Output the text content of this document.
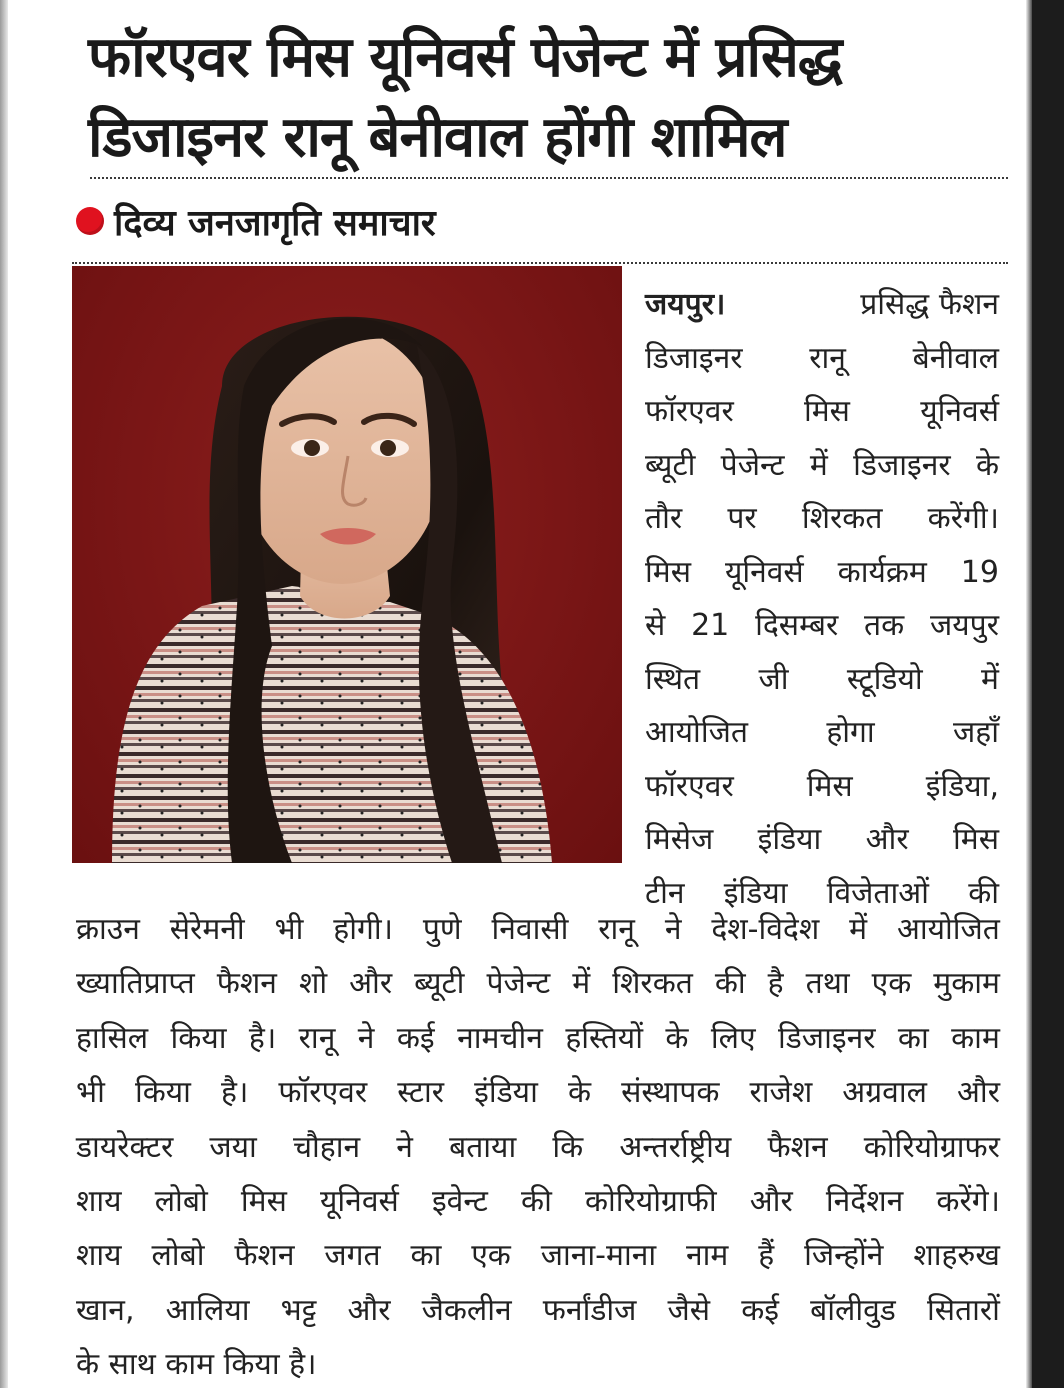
फॉरएवर मिस यूनिवर्स पेजेन्ट में प्रसिद्ध
डिजाइनर रानू बेनीवाल होंगी शामिल
दिव्य जनजागृति समाचार
जयपुर।	प्रसिद्ध फैशन
डिजाइनर रानू बेनीवाल
फॉरएवर मिस यूनिवर्स
ब्यूटी पेजेन्ट में डिजाइनर के
तौर पर शिरकत करेंगी।
मिस यूनिवर्स कार्यक्रम 19
से 21 दिसम्बर तक जयपुर
स्थित जी स्टूडियो में
आयोजित	होगा	जहाँ
फॉरएवर मिस इंडिया,
मिसेज इंडिया और मिस
टीन इंडिया विजेताओं की
क्राउन सेरेमनी भी होगी। पुणे निवासी रानू ने देश-विदेश में आयोजित
ख्यातिप्राप्त फैशन शो और ब्यूटी पेजेन्ट में शिरकत की है तथा एक मुकाम
हासिल किया है। रानू ने कई नामचीन हस्तियों के लिए डिजाइनर का काम
भी किया है। फॉरएवर स्टार इंडिया के संस्थापक राजेश अग्रवाल और
डायरेक्टर जया चौहान ने बताया कि अन्तर्राष्ट्रीय फैशन कोरियोग्राफर
शाय लोबो मिस यूनिवर्स इवेन्ट की कोरियोग्राफी और निर्देशन करेंगे।
शाय लोबो फैशन जगत का एक जाना-माना नाम हैं जिन्होंने शाहरुख
खान, आलिया भट्ट और जैकलीन फर्नांडीज जैसे कई बॉलीवुड सितारों
के साथ काम किया है।
